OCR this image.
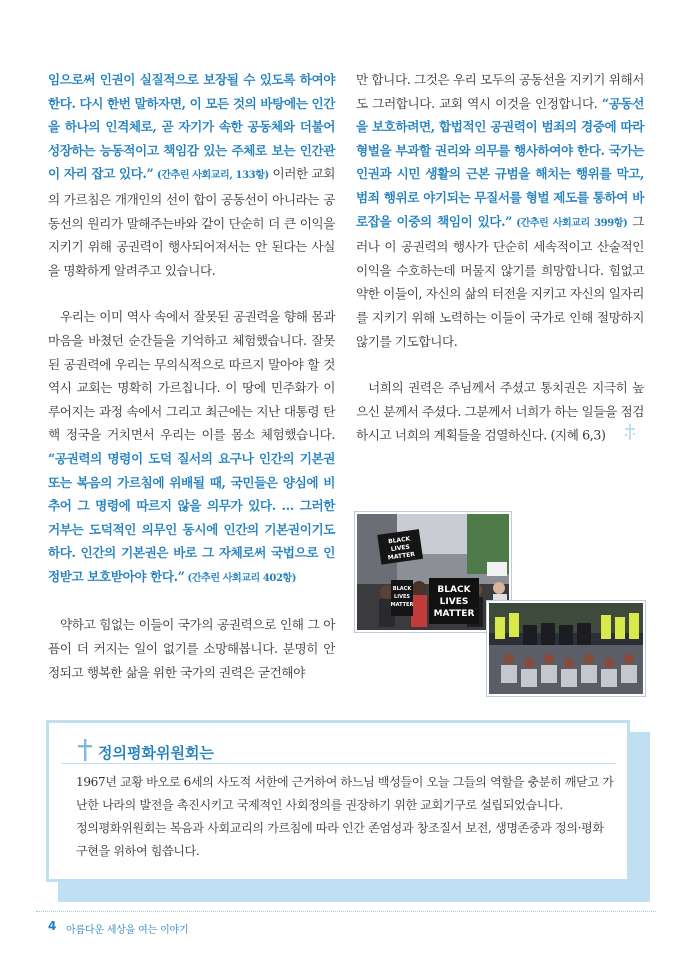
임으로써 인권이 실질적으로 보장될 수 있도록 하여야 한다. 다시 한번 말하자면, 이 모든 것의 바탕에는 인간을 하나의 인격체로, 곧 자기가 속한 공동체와 더불어 성장하는 능동적이고 책임감 있는 주체로 보는 인간관이 자리 잡고 있다.” (간추린 사회교리, 133항) 이러한 교회의 가르침은 개개인의 선이 합이 공동선이 아니라는 공동선의 원리가 말해주는바와 같이 단순히 더 큰 이익을 지키기 위해 공권력이 행사되어져서는 안 된다는 사실을 명확하게 알려주고 있습니다.

우리는 이미 역사 속에서 잘못된 공권력을 향해 몸과 마음을 바쳤던 순간들을 기억하고 체험했습니다. 잘못된 공권력에 우리는 무의식적으로 따르지 말아야 할 것 역시 교회는 명확히 가르칩니다. 이 땅에 민주화가 이루어지는 과정 속에서 그리고 최근에는 지난 대통령 탄핵 정국을 거치면서 우리는 이를 몸소 체험했습니다. “공권력의 명령이 도덕 질서의 요구나 인간의 기본권 또는 복음의 가르침에 위배될 때, 국민들은 양심에 비추어 그 명령에 따르지 않을 의무가 있다. … 그러한 거부는 도덕적인 의무인 동시에 인간의 기본권이기도 하다. 인간의 기본권은 바로 그 자체로써 국법으로 인정받고 보호받아야 한다.” (간추린 사회교리 402항)

약하고 힘없는 이들이 국가의 공권력으로 인해 그 아픔이 더 커지는 일이 없기를 소망해봅니다. 분명히 안정되고 행복한 삶을 위한 국가의 권력은 굳건해야

만 합니다. 그것은 우리 모두의 공동선을 지키기 위해서도 그러합니다. 교회 역시 이것을 인정합니다. “공동선을 보호하려면, 합법적인 공권력이 범죄의 경중에 따라 형벌을 부과할 권리와 의무를 행사하여야 한다. 국가는 인권과 시민 생활의 근본 규범을 해치는 행위를 막고, 범죄 행위로 야기되는 무질서를 형벌 제도를 통하여 바로잡을 이중의 책임이 있다.” (간추린 사회교리 399항) 그러나 이 공권력의 행사가 단순히 세속적이고 산술적인 이익을 수호하는데 머물지 않기를 희망합니다. 힘없고 약한 이들이, 자신의 삶의 터전을 지키고 자신의 일자리를 지키기 위해 노력하는 이들이 국가로 인해 절망하지 않기를 기도합니다.

너희의 권력은 주님께서 주셨고 통치권은 지극히 높으신 분께서 주셨다. 그분께서 너희가 하는 일들을 점검하시고 너희의 계획들을 검열하신다. (지혜 6,3)

BLACK
LIVES
MATTER
BLACK
LIVES
MATTER
BLACK
LIVES
MATTER
정의평화위원회는

1967년 교황 바오로 6세의 사도적 서한에 근거하여 하느님 백성들이 오늘 그들의 역할을 충분히 깨닫고 가난한 나라의 발전을 촉진시키고 국제적인 사회정의를 권장하기 위한 교회기구로 설립되었습니다.

정의평화위원회는 복음과 사회교리의 가르침에 따라 인간 존엄성과 창조질서 보전, 생명존중과 정의·평화 구현을 위하여 힘씁니다.

4 아름다운 세상을 여는 이야기
